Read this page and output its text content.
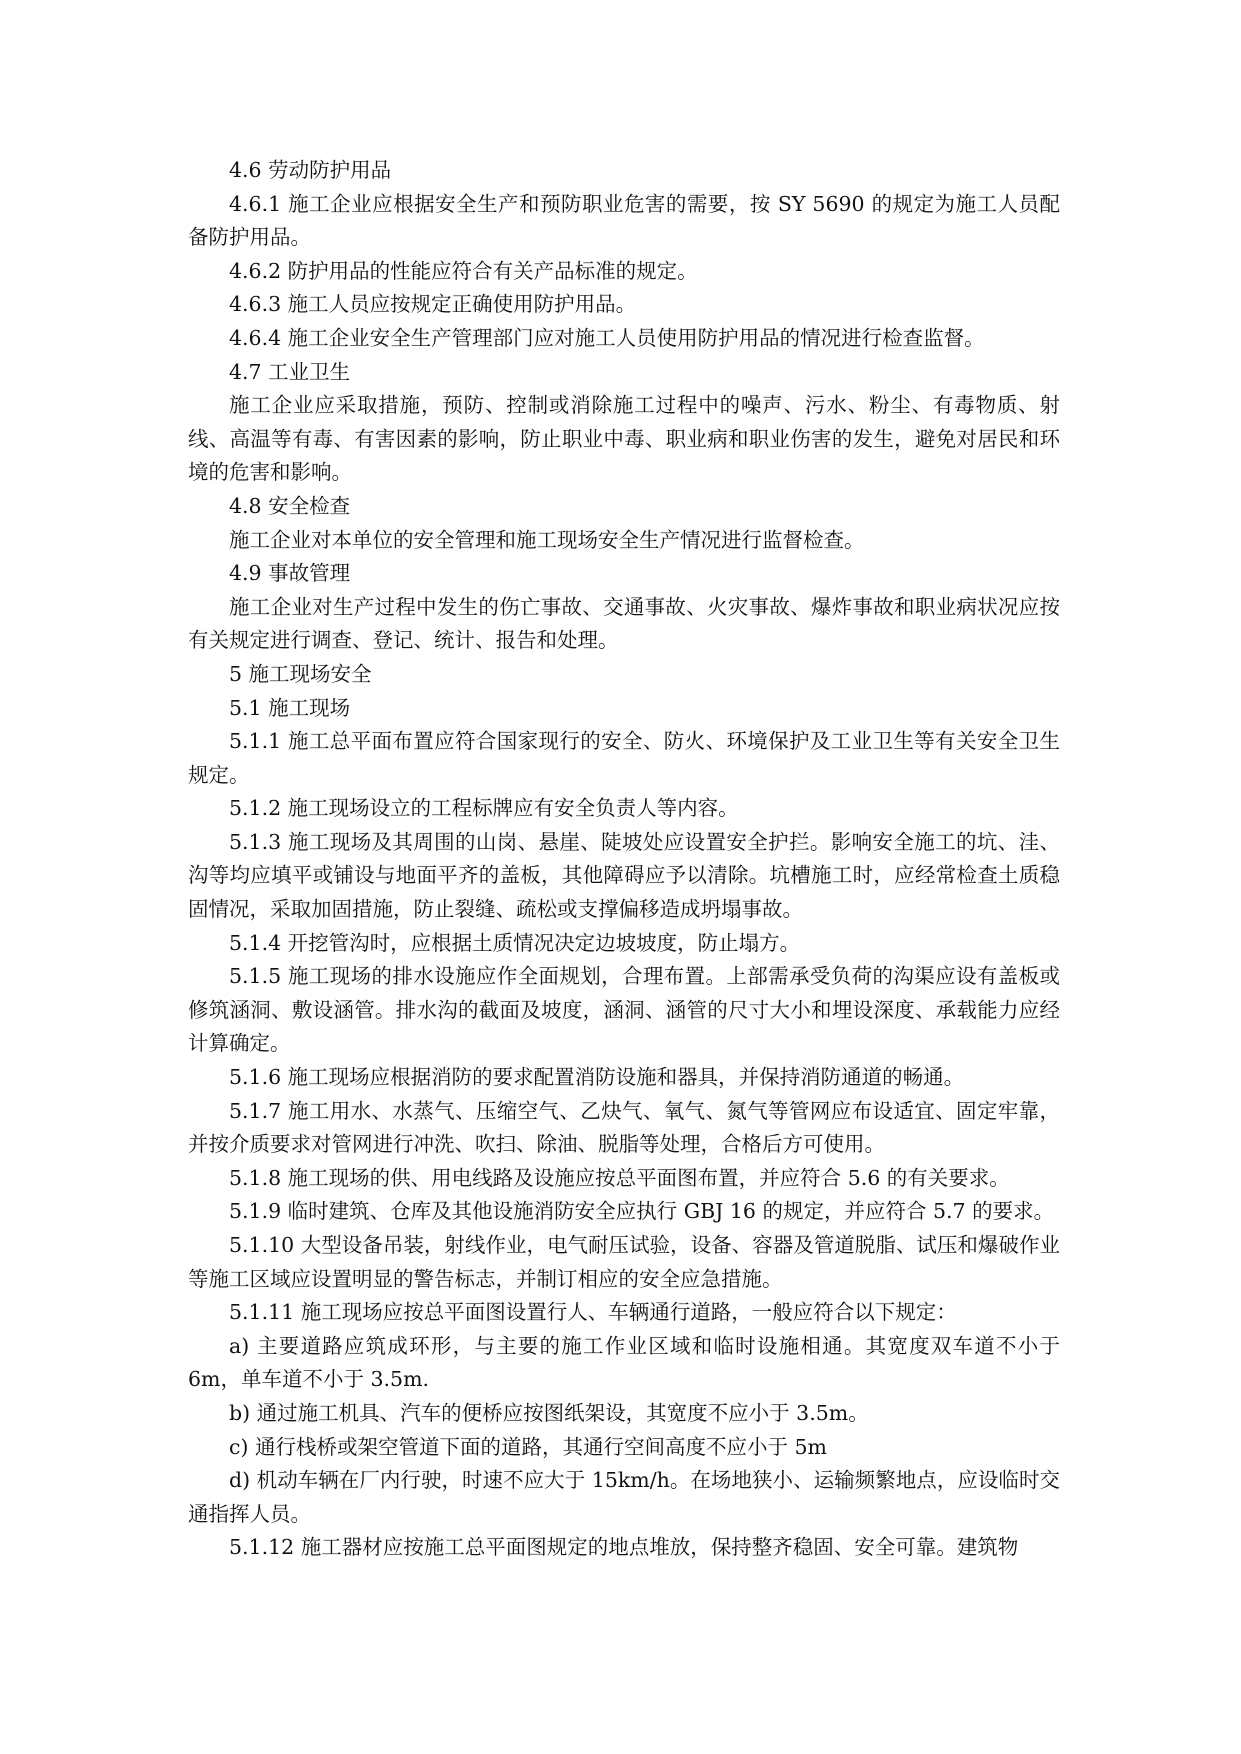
4.6 劳动防护用品

4.6.1 施工企业应根据安全生产和预防职业危害的需要，按 SY 5690 的规定为施工人员配备防护用品。

4.6.2 防护用品的性能应符合有关产品标准的规定。

4.6.3 施工人员应按规定正确使用防护用品。

4.6.4 施工企业安全生产管理部门应对施工人员使用防护用品的情况进行检查监督。

4.7 工业卫生

施工企业应采取措施，预防、控制或消除施工过程中的噪声、污水、粉尘、有毒物质、射线、高温等有毒、有害因素的影响，防止职业中毒、职业病和职业伤害的发生，避免对居民和环境的危害和影响。

4.8 安全检查

施工企业对本单位的安全管理和施工现场安全生产情况进行监督检查。

4.9 事故管理

施工企业对生产过程中发生的伤亡事故、交通事故、火灾事故、爆炸事故和职业病状况应按有关规定进行调查、登记、统计、报告和处理。

5 施工现场安全

5.1 施工现场

5.1.1 施工总平面布置应符合国家现行的安全、防火、环境保护及工业卫生等有关安全卫生规定。

5.1.2 施工现场设立的工程标牌应有安全负责人等内容。

5.1.3 施工现场及其周围的山岗、悬崖、陡坡处应设置安全护拦。影响安全施工的坑、洼、沟等均应填平或铺设与地面平齐的盖板，其他障碍应予以清除。坑槽施工时，应经常检查土质稳固情况，采取加固措施，防止裂缝、疏松或支撑偏移造成坍塌事故。

5.1.4 开挖管沟时，应根据土质情况决定边坡坡度，防止塌方。

5.1.5 施工现场的排水设施应作全面规划，合理布置。上部需承受负荷的沟渠应设有盖板或修筑涵洞、敷设涵管。排水沟的截面及坡度，涵洞、涵管的尺寸大小和埋设深度、承载能力应经计算确定。

5.1.6 施工现场应根据消防的要求配置消防设施和器具，并保持消防通道的畅通。

5.1.7 施工用水、水蒸气、压缩空气、乙炔气、氧气、氮气等管网应布设适宜、固定牢靠，并按介质要求对管网进行冲洗、吹扫、除油、脱脂等处理，合格后方可使用。

5.1.8 施工现场的供、用电线路及设施应按总平面图布置，并应符合 5.6 的有关要求。

5.1.9 临时建筑、仓库及其他设施消防安全应执行 GBJ 16 的规定，并应符合 5.7 的要求。

5.1.10 大型设备吊装，射线作业，电气耐压试验，设备、容器及管道脱脂、试压和爆破作业等施工区域应设置明显的警告标志，并制订相应的安全应急措施。

5.1.11 施工现场应按总平面图设置行人、车辆通行道路，一般应符合以下规定：

a) 主要道路应筑成环形，与主要的施工作业区域和临时设施相通。其宽度双车道不小于 6m，单车道不小于 3.5m.

b) 通过施工机具、汽车的便桥应按图纸架设，其宽度不应小于 3.5m。

c) 通行栈桥或架空管道下面的道路，其通行空间高度不应小于 5m

d) 机动车辆在厂内行驶，时速不应大于 15km/h。在场地狭小、运输频繁地点，应设临时交通指挥人员。

5.1.12 施工器材应按施工总平面图规定的地点堆放，保持整齐稳固、安全可靠。建筑物
